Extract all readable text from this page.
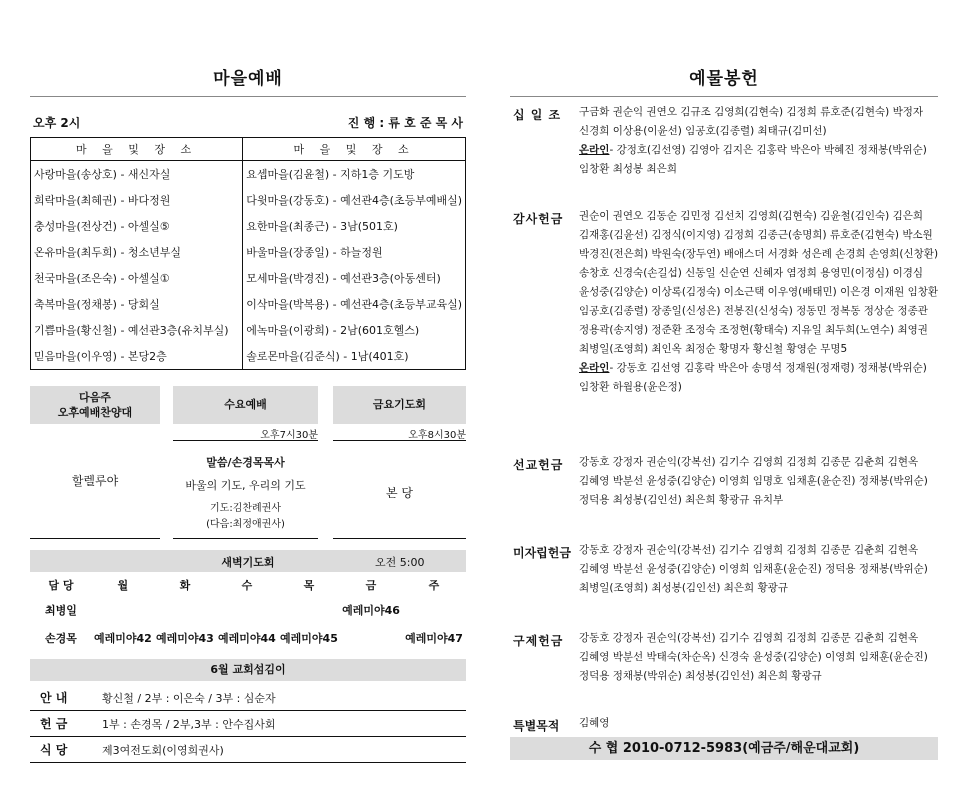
마을예배
오후 2시	진 행 : 류 호 준 목 사
마 을 및 장 소	마 을 및 장 소
사랑마을(송상호) - 새신자실	요셉마을(김윤철) - 지하1층 기도방
희락마을(최혜권) - 바다정원	다윗마을(강동호) - 예선관4층(초등부예배실)
충성마을(전상건) - 아셀실⑤	요한마을(최종근) - 3남(501호)
온유마을(최두희) - 청소년부실	바울마을(장종일) - 하늘정원
천국마을(조은숙) - 아셀실①	모세마을(박경진) - 예선관3층(아동센터)
축복마을(정채봉) - 당회실	이삭마을(박복용) - 예선관4층(초등부교육실)
기쁨마을(황신철) - 예선관3층(유치부실)	에녹마을(이광희) - 2남(601호헬스)
믿음마을(이우영) - 본당2층	솔로몬마을(김준식) - 1남(401호)
다음주
오후예배찬양대
수요예배	금요기도회
오후7시30분	오후8시30분
할렐루야
말씀/손경목목사
바울의 기도, 우리의 기도
기도:김찬례권사
(다음:최정애권사)
본 당
새벽기도회	오전 5:00
담 당	월	화	수	목	금	주
최병일					예레미야46	
손경목	예레미야42	예레미야43	예레미야44	예레미야45		예레미야47
6월 교회섬김이
안 내	황신철 / 2부 : 이은숙 / 3부 : 심순자
헌 금	1부 : 손경목 / 2부,3부 : 안수집사회
식 당	제3여전도회(이영희권사)
예물봉헌
십 일 조 구금화 권순익 권연오 김규조 김영희(김현숙) 김정희 류호준(김현숙) 박정자

신경희 이상용(이윤선) 임공호(김종렬) 최태규(김미선)

온라인- 강정호(김선영) 김영아 김지은 김홍락 박은아 박혜진 정채봉(박위순)

임창환 최성봉 최은희

감사헌금 권순이 권연오 김동순 김민정 김선치 김영희(김현숙) 김윤철(김인숙) 김은희

김재홍(김윤선) 김정식(이지영) 김정희 김종근(송명희) 류호준(김현숙) 박소원

박경진(전은희) 박원숙(장두연) 배애스더 서경화 성은례 손경희 손영희(신창환)

송창호 신경숙(손길섭) 신동일 신순연 신혜자 염정희 용영민(이정심) 이경심

윤성중(김양순) 이상록(김정숙) 이소근택 이우영(배태민) 이은경 이재원 임창환

임공호(김종렬) 장종일(신성은) 전봉진(신성숙) 정동민 정복동 정상순 정종관

정용곽(송지영) 정준환 조정숙 조정현(황태숙) 지유일 최두희(노연수) 최영권

최병일(조영희) 최인옥 최정순 황명자 황신철 황영순 무명5

온라인- 강동호 김선영 김홍락 박은아 송명석 정재원(정재령) 정채봉(박위순)

임창환 하월용(윤은정)

선교헌금 강동호 강정자 권순익(강복선) 김기수 김영희 김정희 김종문 김춘희 김현옥

김혜영 박분선 윤성중(김양순) 이영희 임명호 임채훈(윤순진) 정채봉(박위순)

정덕용 최성봉(김인선) 최은희 황광규 유치부

미자립헌금 강동호 강정자 권순익(강복선) 김기수 김영희 김정희 김종문 김춘희 김현옥

김혜영 박분선 윤성중(김양순) 이영희 임채훈(윤순진) 정덕용 정채봉(박위순)

최병일(조영희) 최성봉(김인선) 최은희 황광규

구제헌금 강동호 강정자 권순익(강복선) 김기수 김영희 김정희 김종문 김춘희 김현옥

김혜영 박분선 박태숙(차순옥) 신경숙 윤성중(김양순) 이영희 임채훈(윤순진)

정덕용 정채봉(박위순) 최성봉(김인선) 최은희 황광규

특별목적 김혜영
수 협 2010-0712-5983(예금주/해운대교회)
